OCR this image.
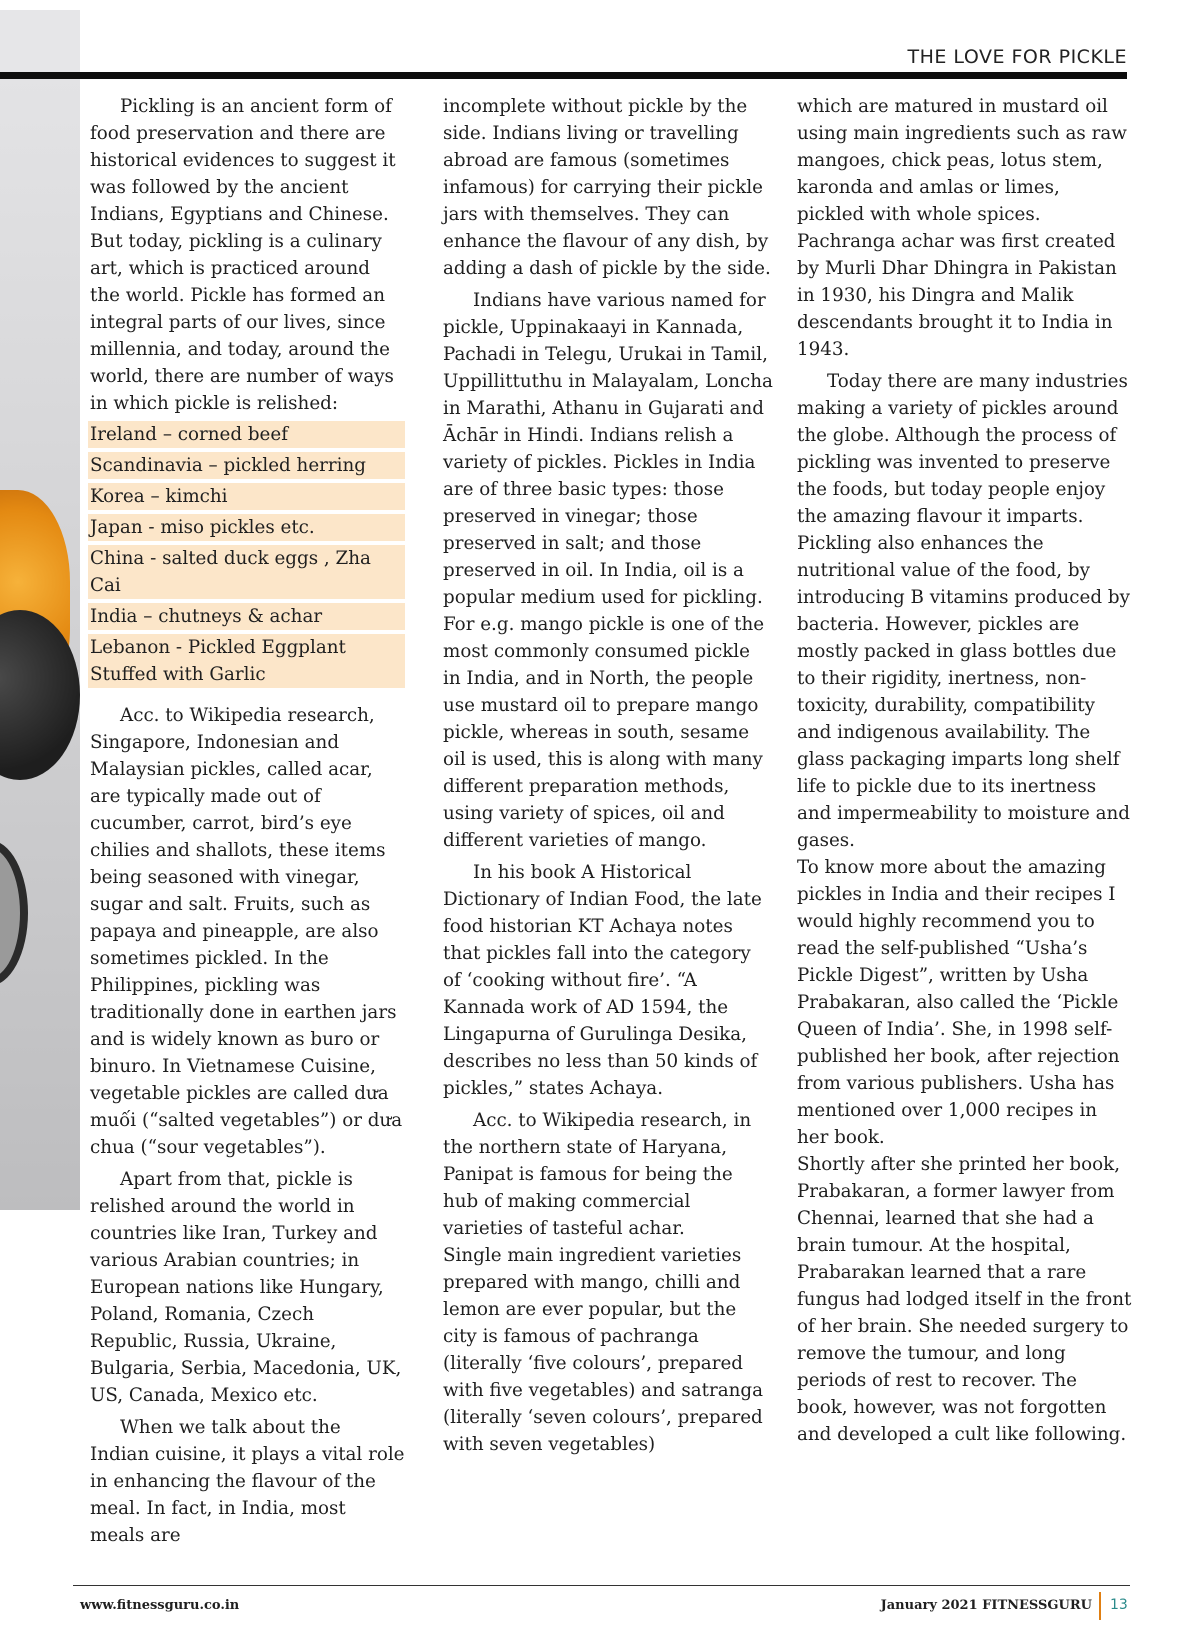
THE LOVE FOR PICKLE

Pickling is an ancient form of food preservation and there are historical evidences to suggest it was followed by the ancient Indians, Egyptians and Chinese. But today, pickling is a culinary art, which is practiced around the world. Pickle has formed an integral parts of our lives, since millennia, and today, around the world, there are number of ways in which pickle is relished:

Ireland – corned beef
Scandinavia – pickled herring
Korea – kimchi
Japan - miso pickles etc.
China - salted duck eggs , Zha Cai
India – chutneys & achar
Lebanon - Pickled Eggplant Stuffed with Garlic

Acc. to Wikipedia research, Singapore, Indonesian and Malaysian pickles, called acar, are typically made out of cucumber, carrot, bird’s eye chilies and shallots, these items being seasoned with vinegar, sugar and salt. Fruits, such as papaya and pineapple, are also sometimes pickled. In the Philippines, pickling was traditionally done in earthen jars and is widely known as buro or binuro. In Vietnamese Cuisine, vegetable pickles are called dưa muối (“salted vegetables”) or dưa chua (“sour vegetables”).

Apart from that, pickle is relished around the world in countries like Iran, Turkey and various Arabian countries; in European nations like Hungary, Poland, Romania, Czech Republic, Russia, Ukraine, Bulgaria, Serbia, Macedonia, UK, US, Canada, Mexico etc.

When we talk about the Indian cuisine, it plays a vital role in enhancing the flavour of the meal. In fact, in India, most meals are

incomplete without pickle by the side. Indians living or travelling abroad are famous (sometimes infamous) for carrying their pickle jars with themselves. They can enhance the flavour of any dish, by adding a dash of pickle by the side.

Indians have various named for pickle, Uppinakaayi in Kannada, Pachadi in Telegu, Urukai in Tamil, Uppillittuthu in Malayalam, Loncha in Marathi, Athanu in Gujarati and Āchār in Hindi. Indians relish a variety of pickles. Pickles in India are of three basic types: those preserved in vinegar; those preserved in salt; and those preserved in oil. In India, oil is a popular medium used for pickling. For e.g. mango pickle is one of the most commonly consumed pickle in India, and in North, the people use mustard oil to prepare mango pickle, whereas in south, sesame oil is used, this is along with many different preparation methods, using variety of spices, oil and different varieties of mango.

In his book A Historical Dictionary of Indian Food, the late food historian KT Achaya notes that pickles fall into the category of ‘cooking without fire’. “A Kannada work of AD 1594, the Lingapurna of Gurulinga Desika, describes no less than 50 kinds of pickles,” states Achaya.

Acc. to Wikipedia research, in the northern state of Haryana, Panipat is famous for being the hub of making commercial varieties of tasteful achar.

Single main ingredient varieties prepared with mango, chilli and lemon are ever popular, but the city is famous of pachranga (literally ‘five colours’, prepared with five vegetables) and satranga (literally ‘seven colours’, prepared with seven vegetables)

which are matured in mustard oil using main ingredients such as raw mangoes, chick peas, lotus stem, karonda and amlas or limes, pickled with whole spices. Pachranga achar was first created by Murli Dhar Dhingra in Pakistan in 1930, his Dingra and Malik descendants brought it to India in 1943.

Today there are many industries making a variety of pickles around the globe. Although the process of pickling was invented to preserve the foods, but today people enjoy the amazing flavour it imparts. Pickling also enhances the nutritional value of the food, by introducing B vitamins produced by bacteria. However, pickles are mostly packed in glass bottles due to their rigidity, inertness, non-toxicity, durability, compatibility and indigenous availability. The glass packaging imparts long shelf life to pickle due to its inertness and impermeability to moisture and gases.

To know more about the amazing pickles in India and their recipes I would highly recommend you to read the self-published “Usha’s Pickle Digest”, written by Usha Prabakaran, also called the ‘Pickle Queen of India’. She, in 1998 self-published her book, after rejection from various publishers. Usha has mentioned over 1,000 recipes in her book.

Shortly after she printed her book, Prabakaran, a former lawyer from Chennai, learned that she had a brain tumour. At the hospital, Prabarakan learned that a rare fungus had lodged itself in the front of her brain. She needed surgery to remove the tumour, and long periods of rest to recover. The book, however, was not forgotten and developed a cult like following.

www.fitnessguru.co.in	January 2021 FITNESSGURU 13
